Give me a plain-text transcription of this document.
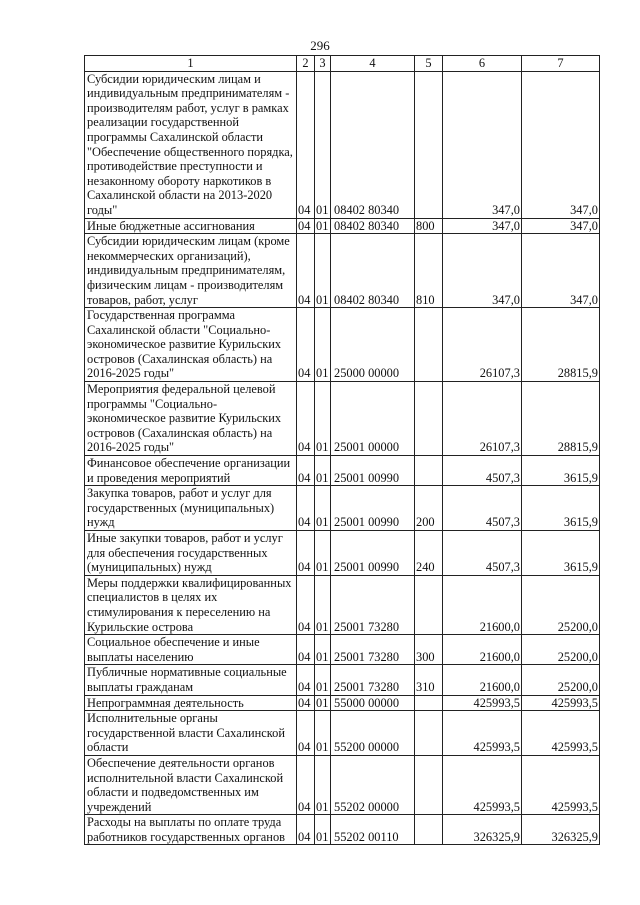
296
1	2	3	4	5	6	7
Субсидии юридическим лицам и индивидуальным предпринимателям - производителям работ, услуг в рамках реализации государственной программы Сахалинской области "Обеспечение общественного порядка, противодействие преступности и незаконному обороту наркотиков в Сахалинской области на 2013-2020 годы"	04	01	08402 80340		347,0	347,0
Иные бюджетные ассигнования	04	01	08402 80340	800	347,0	347,0
Субсидии юридическим лицам (кроме некоммерческих организаций), индивидуальным предпринимателям, физическим лицам - производителям товаров, работ, услуг	04	01	08402 80340	810	347,0	347,0
Государственная программа Сахалинской области "Социально-экономическое развитие Курильских островов (Сахалинская область) на 2016-2025 годы"	04	01	25000 00000		26107,3	28815,9
Мероприятия федеральной целевой программы "Социально-экономическое развитие Курильских островов (Сахалинская область) на 2016-2025 годы"	04	01	25001 00000		26107,3	28815,9
Финансовое обеспечение организации и проведения мероприятий	04	01	25001 00990		4507,3	3615,9
Закупка товаров, работ и услуг для государственных (муниципальных) нужд	04	01	25001 00990	200	4507,3	3615,9
Иные закупки товаров, работ и услуг для обеспечения государственных (муниципальных) нужд	04	01	25001 00990	240	4507,3	3615,9
Меры поддержки квалифицированных специалистов в целях их стимулирования к переселению на Курильские острова	04	01	25001 73280		21600,0	25200,0
Социальное обеспечение и иные выплаты населению	04	01	25001 73280	300	21600,0	25200,0
Публичные нормативные социальные выплаты гражданам	04	01	25001 73280	310	21600,0	25200,0
Непрограммная деятельность	04	01	55000 00000		425993,5	425993,5
Исполнительные органы государственной власти Сахалинской области	04	01	55200 00000		425993,5	425993,5
Обеспечение деятельности органов исполнительной власти Сахалинской области и подведомственных им учреждений	04	01	55202 00000		425993,5	425993,5
Расходы на выплаты по оплате труда работников государственных органов	04	01	55202 00110		326325,9	326325,9
